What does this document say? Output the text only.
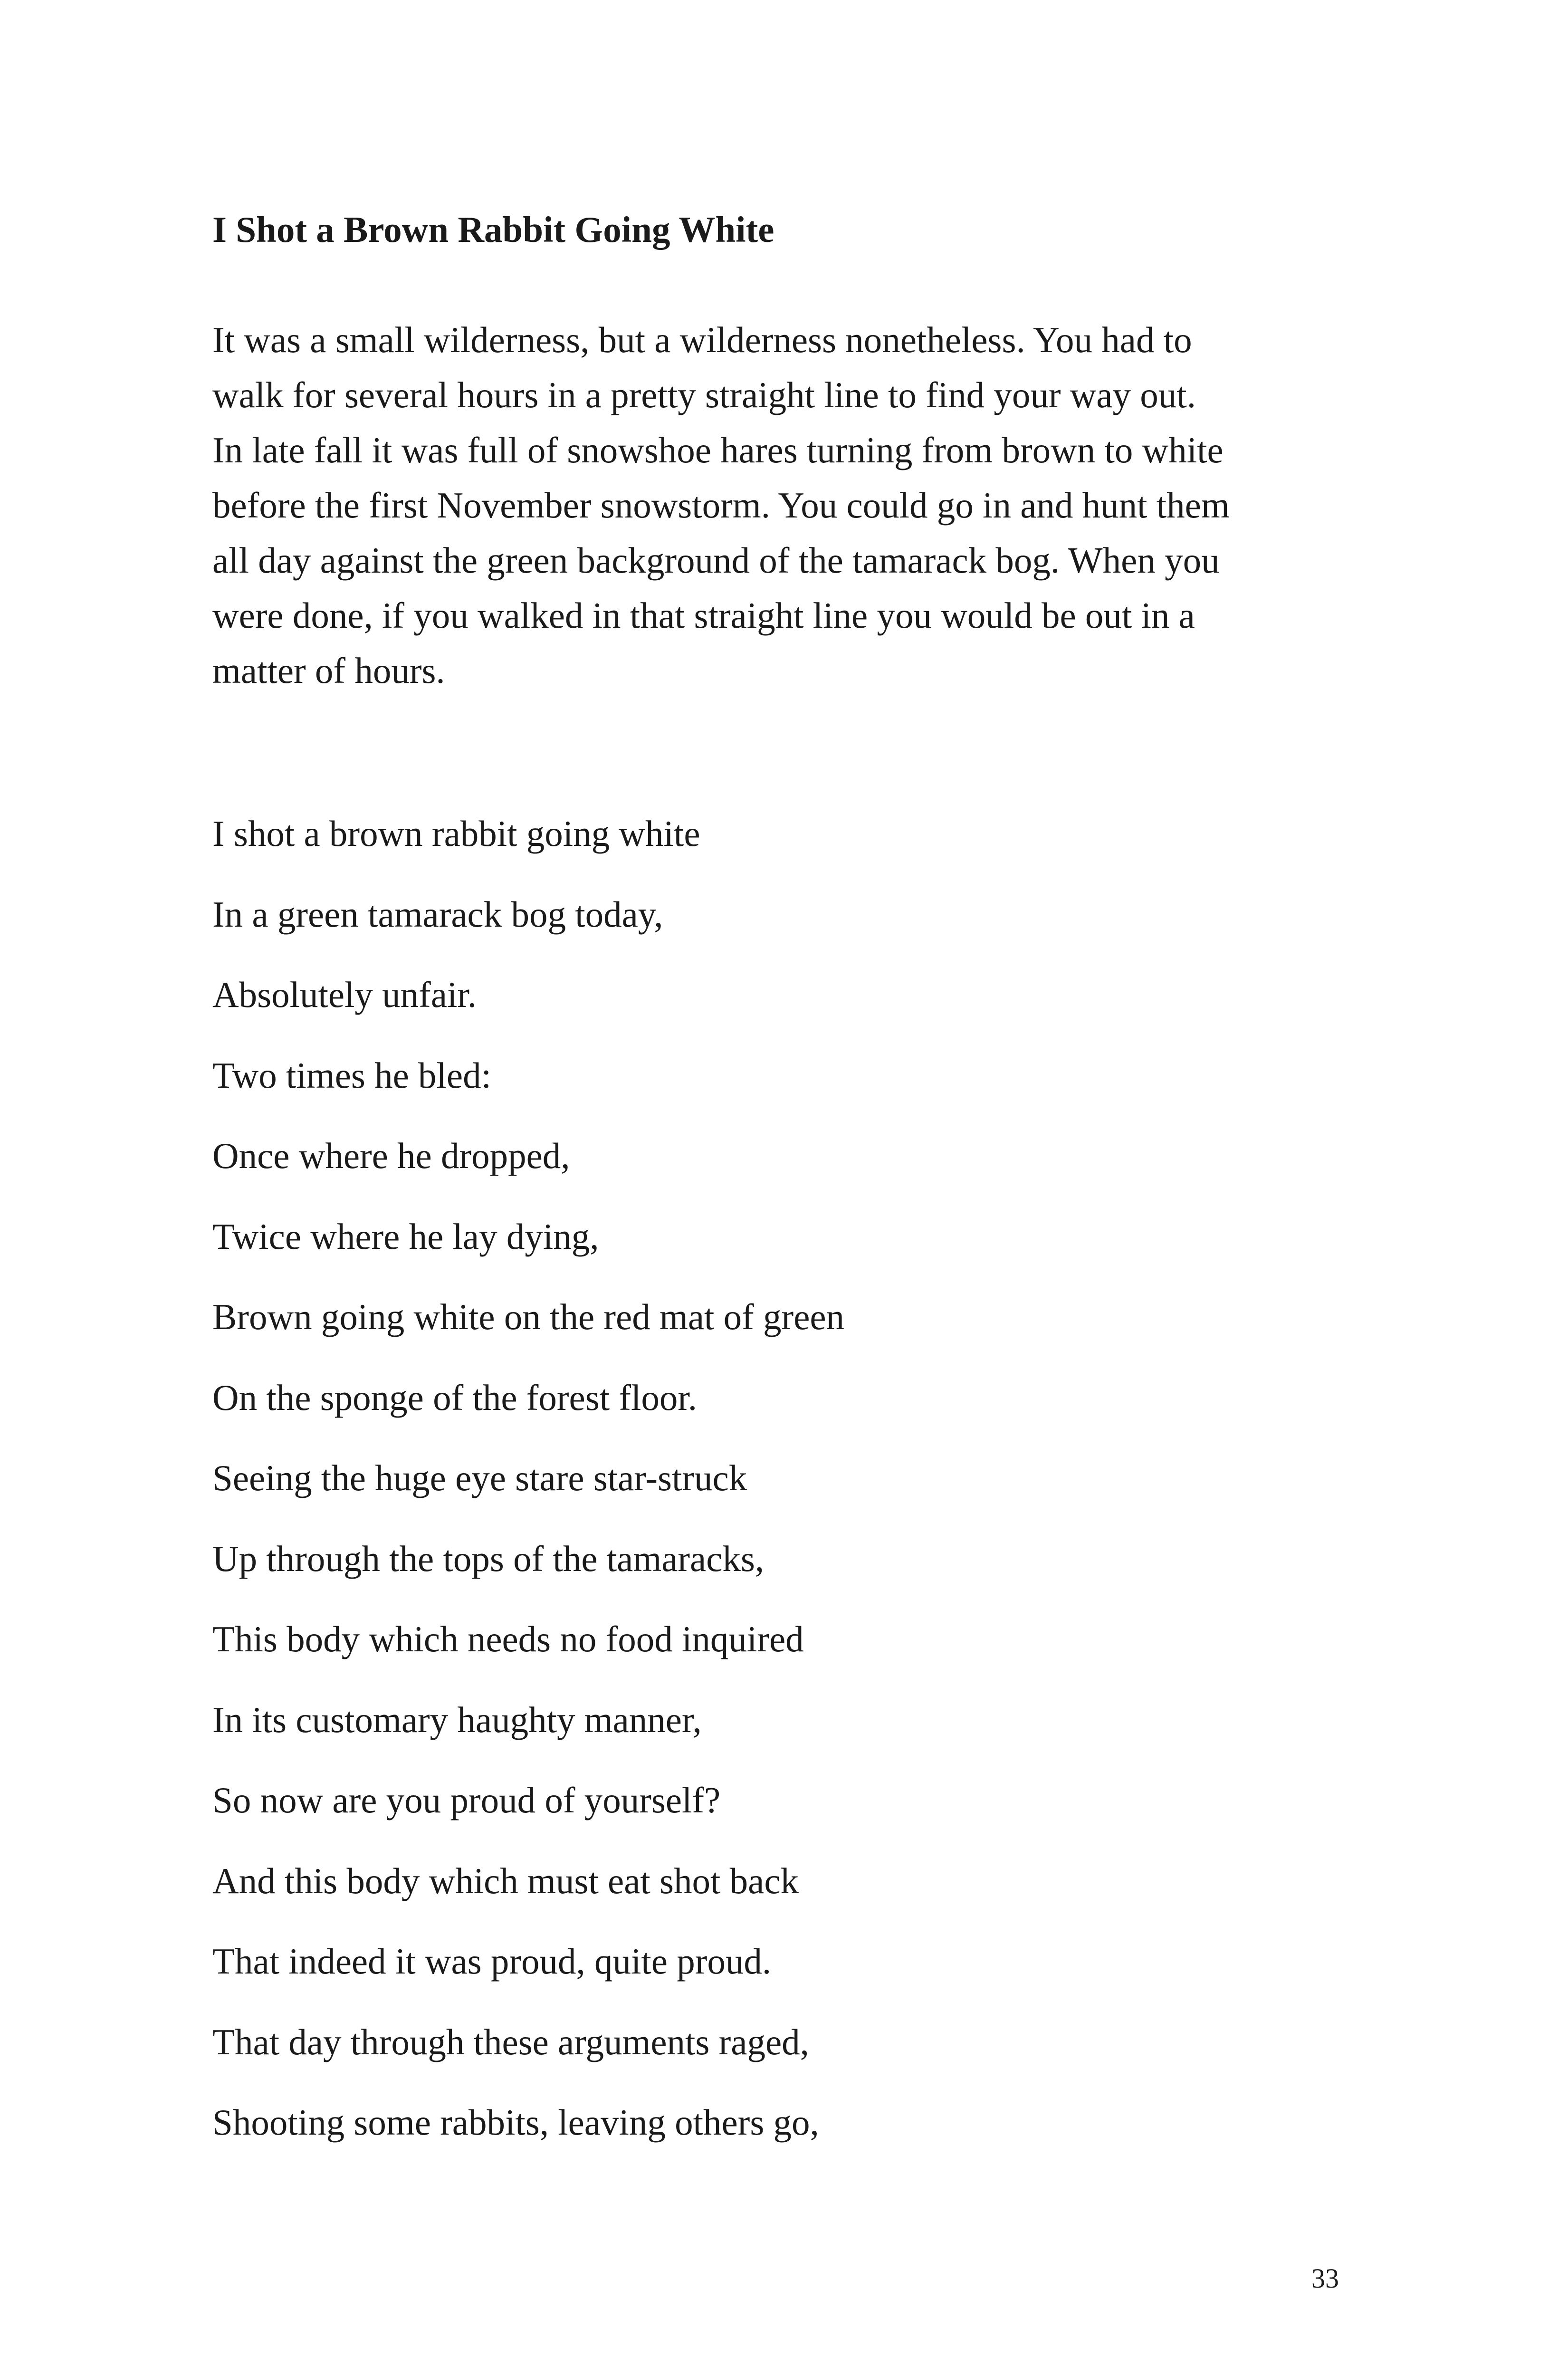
I Shot a Brown Rabbit Going White
It was a small wilderness, but a wilderness nonetheless. You had to
walk for several hours in a pretty straight line to find your way out.
In late fall it was full of snowshoe hares turning from brown to white
before the first November snowstorm. You could go in and hunt them
all day against the green background of the tamarack bog. When you
were done, if you walked in that straight line you would be out in a
matter of hours.
I shot a brown rabbit going white
In a green tamarack bog today,
Absolutely unfair.
Two times he bled:
Once where he dropped,
Twice where he lay dying,
Brown going white on the red mat of green
On the sponge of the forest floor.
Seeing the huge eye stare star-struck
Up through the tops of the tamaracks,
This body which needs no food inquired
In its customary haughty manner,
So now are you proud of yourself?
And this body which must eat shot back
That indeed it was proud, quite proud.
That day through these arguments raged,
Shooting some rabbits, leaving others go,
33
